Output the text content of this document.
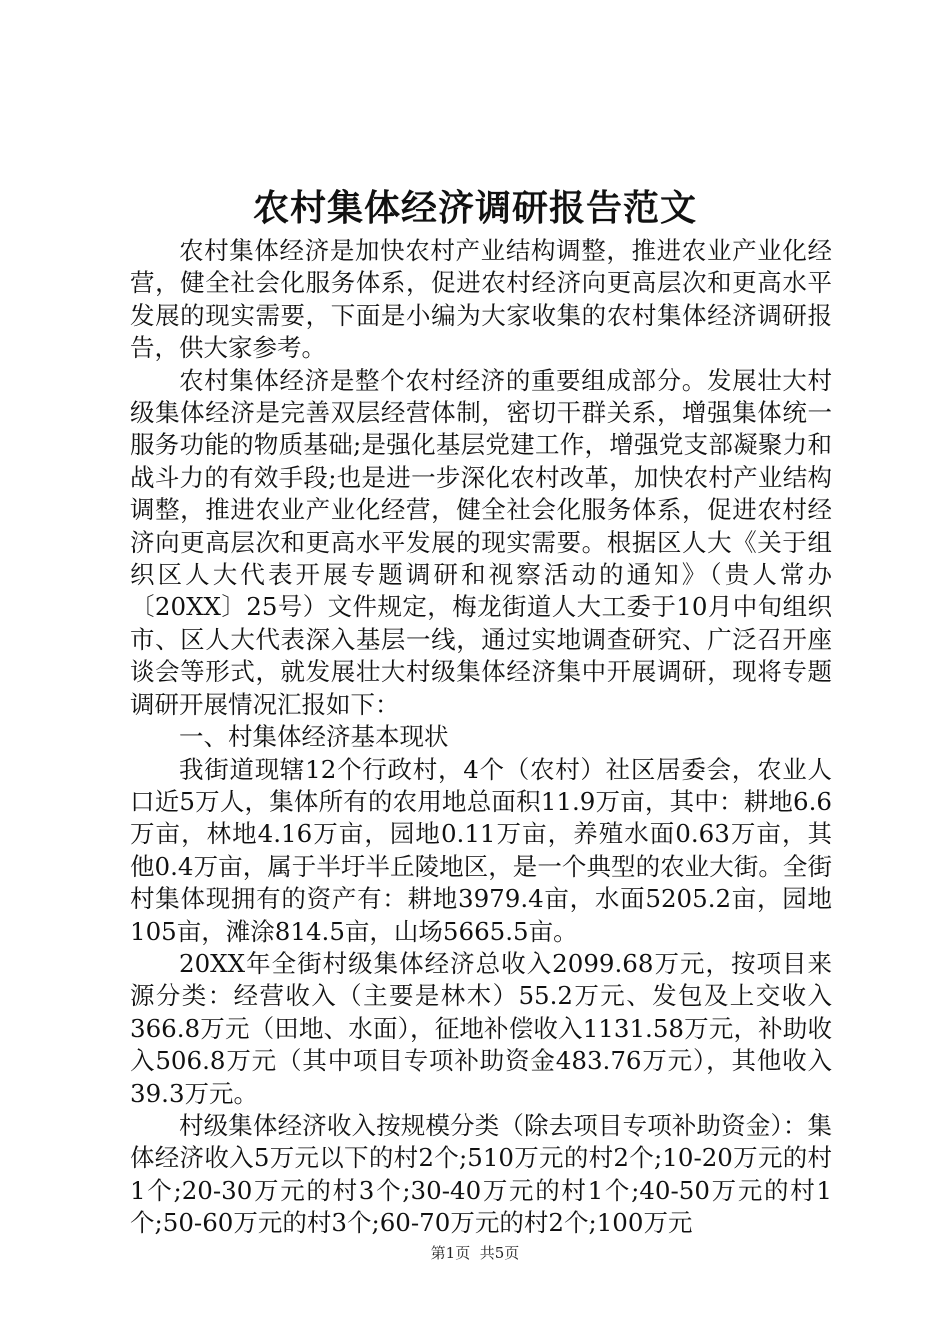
农村集体经济调研报告范文

农村集体经济是加快农村产业结构调整，推进农业产业化经营，健全社会化服务体系，促进农村经济向更高层次和更高水平发展的现实需要，下面是小编为大家收集的农村集体经济调研报告，供大家参考。

农村集体经济是整个农村经济的重要组成部分。发展壮大村级集体经济是完善双层经营体制，密切干群关系，增强集体统一服务功能的物质基础;是强化基层党建工作，增强党支部凝聚力和战斗力的有效手段;也是进一步深化农村改革，加快农村产业结构调整，推进农业产业化经营，健全社会化服务体系，促进农村经济向更高层次和更高水平发展的现实需要。根据区人大《关于组织区人大代表开展专题调研和视察活动的通知》（贵人常办〔20XX〕25号）文件规定，梅龙街道人大工委于10月中旬组织市、区人大代表深入基层一线，通过实地调查研究、广泛召开座谈会等形式，就发展壮大村级集体经济集中开展调研，现将专题调研开展情况汇报如下：

一、村集体经济基本现状

我街道现辖12个行政村，4个（农村）社区居委会，农业人口近5万人，集体所有的农用地总面积11.9万亩，其中：耕地6.6万亩，林地4.16万亩，园地0.11万亩，养殖水面0.63万亩，其他0.4万亩，属于半圩半丘陵地区，是一个典型的农业大街。全街村集体现拥有的资产有：耕地3979.4亩，水面5205.2亩，园地105亩，滩涂814.5亩，山场5665.5亩。

20XX年全街村级集体经济总收入2099.68万元，按项目来源分类：经营收入（主要是林木）55.2万元、发包及上交收入366.8万元（田地、水面），征地补偿收入1131.58万元，补助收入506.8万元（其中项目专项补助资金483.76万元），其他收入39.3万元。

村级集体经济收入按规模分类（除去项目专项补助资金）：集体经济收入5万元以下的村2个;510万元的村2个;10-20万元的村1个;20-30万元的村3个;30-40万元的村1个;40-50万元的村1个;50-60万元的村3个;60-70万元的村2个;100万元

第1页 共5页
